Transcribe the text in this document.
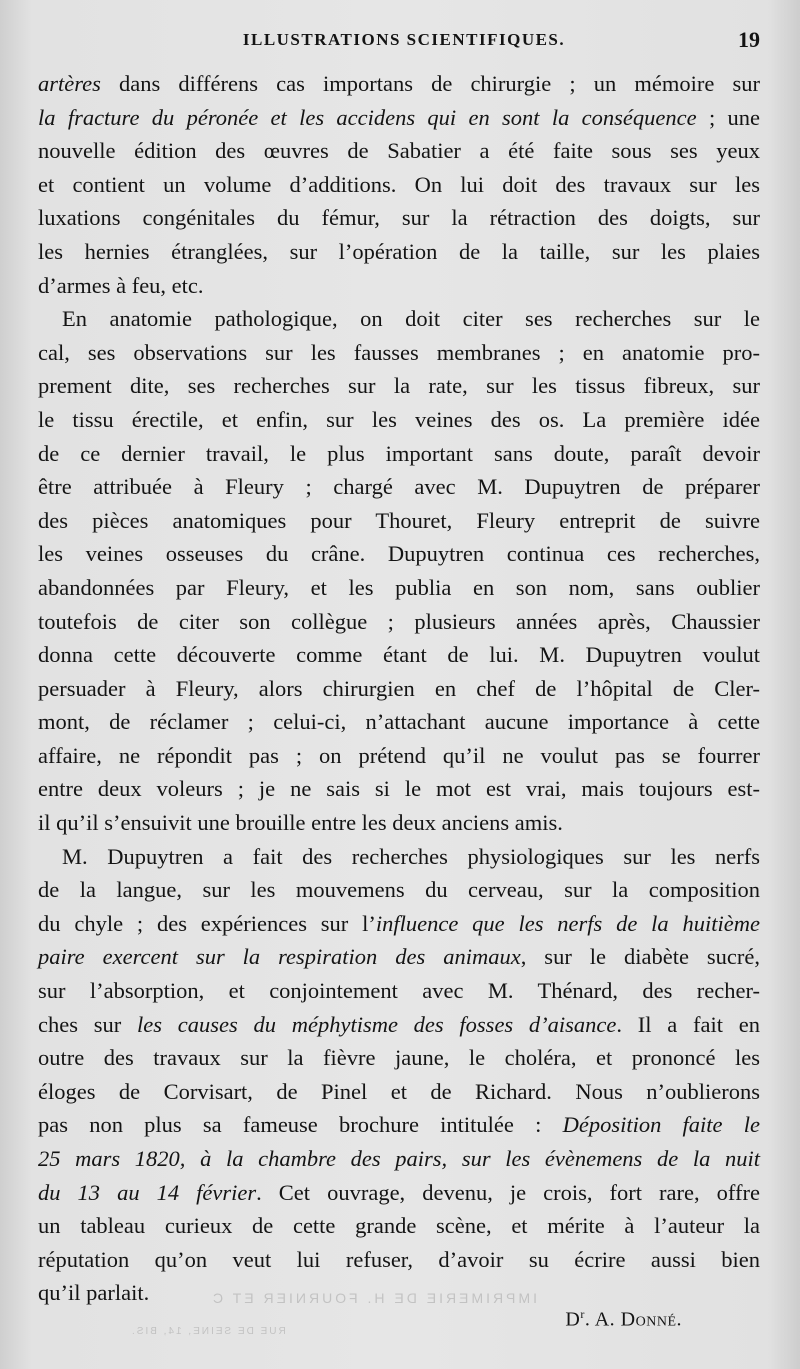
ILLUSTRATIONS SCIENTIFIQUES.	19
artères dans différens cas importans de chirurgie ; un mémoire sur
la fracture du péronée et les accidens qui en sont la conséquence ; une
nouvelle édition des œuvres de Sabatier a été faite sous ses yeux
et contient un volume d’additions. On lui doit des travaux sur les
luxations congénitales du fémur, sur la rétraction des doigts, sur
les hernies étranglées, sur l’opération de la taille, sur les plaies
d’armes à feu, etc.
En anatomie pathologique, on doit citer ses recherches sur le
cal, ses observations sur les fausses membranes ; en anatomie pro-
prement dite, ses recherches sur la rate, sur les tissus fibreux, sur
le tissu érectile, et enfin, sur les veines des os. La première idée
de ce dernier travail, le plus important sans doute, paraît devoir
être attribuée à Fleury ; chargé avec M. Dupuytren de préparer
des pièces anatomiques pour Thouret, Fleury entreprit de suivre
les veines osseuses du crâne. Dupuytren continua ces recherches,
abandonnées par Fleury, et les publia en son nom, sans oublier
toutefois de citer son collègue ; plusieurs années après, Chaussier
donna cette découverte comme étant de lui. M. Dupuytren voulut
persuader à Fleury, alors chirurgien en chef de l’hôpital de Cler-
mont, de réclamer ; celui-ci, n’attachant aucune importance à cette
affaire, ne répondit pas ; on prétend qu’il ne voulut pas se fourrer
entre deux voleurs ; je ne sais si le mot est vrai, mais toujours est-
il qu’il s’ensuivit une brouille entre les deux anciens amis.
M. Dupuytren a fait des recherches physiologiques sur les nerfs
de la langue, sur les mouvemens du cerveau, sur la composition
du chyle ; des expériences sur l’influence que les nerfs de la huitième
paire exercent sur la respiration des animaux, sur le diabète sucré,
sur l’absorption, et conjointement avec M. Thénard, des recher-
ches sur les causes du méphytisme des fosses d’aisance. Il a fait en
outre des travaux sur la fièvre jaune, le choléra, et prononcé les
éloges de Corvisart, de Pinel et de Richard. Nous n’oublierons
pas non plus sa fameuse brochure intitulée : Déposition faite le
25 mars 1820, à la chambre des pairs, sur les évènemens de la nuit
du 13 au 14 février. Cet ouvrage, devenu, je crois, fort rare, offre
un tableau curieux de cette grande scène, et mérite à l’auteur la
réputation qu’on veut lui refuser, d’avoir su écrire aussi bien
qu’il parlait.	IMPRIMERIE DE H. FOURNIER ET C
RUE DE SEINE, 14, BIS.
$D^r$. A. Donné.
